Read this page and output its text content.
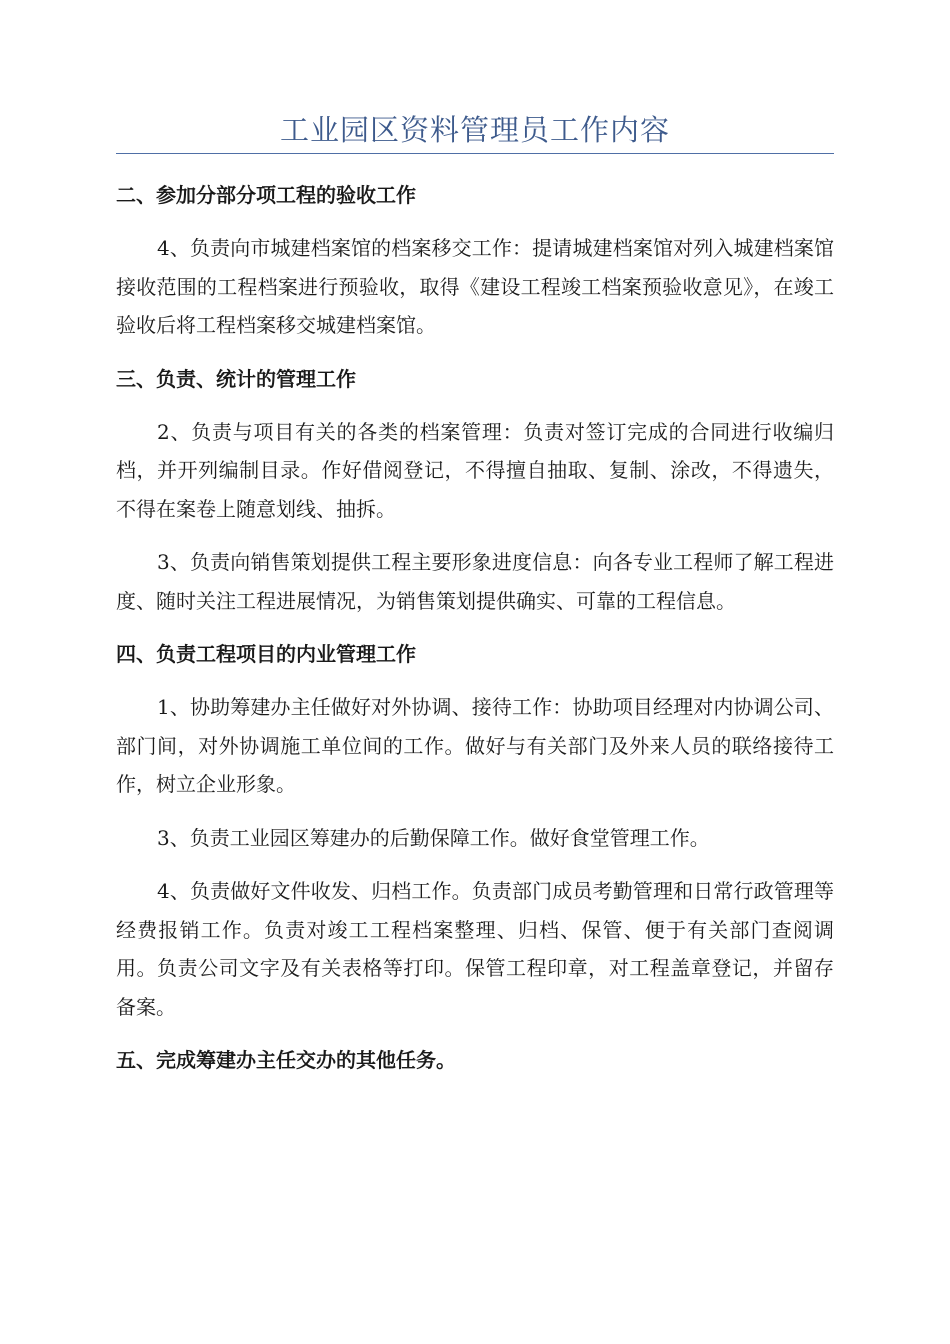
工业园区资料管理员工作内容
二、参加分部分项工程的验收工作

4、负责向市城建档案馆的档案移交工作：提请城建档案馆对列入城建档案馆接收范围的工程档案进行预验收，取得《建设工程竣工档案预验收意见》，在竣工验收后将工程档案移交城建档案馆。

三、负责、统计的管理工作

2、负责与项目有关的各类的档案管理：负责对签订完成的合同进行收编归档，并开列编制目录。作好借阅登记，不得擅自抽取、复制、涂改，不得遗失，不得在案卷上随意划线、抽拆。

3、负责向销售策划提供工程主要形象进度信息：向各专业工程师了解工程进度、随时关注工程进展情况，为销售策划提供确实、可靠的工程信息。

四、负责工程项目的内业管理工作

1、协助筹建办主任做好对外协调、接待工作：协助项目经理对内协调公司、部门间，对外协调施工单位间的工作。做好与有关部门及外来人员的联络接待工作，树立企业形象。

3、负责工业园区筹建办的后勤保障工作。做好食堂管理工作。

4、负责做好文件收发、归档工作。负责部门成员考勤管理和日常行政管理等经费报销工作。负责对竣工工程档案整理、归档、保管、便于有关部门查阅调用。负责公司文字及有关表格等打印。保管工程印章，对工程盖章登记，并留存备案。

五、完成筹建办主任交办的其他任务。
